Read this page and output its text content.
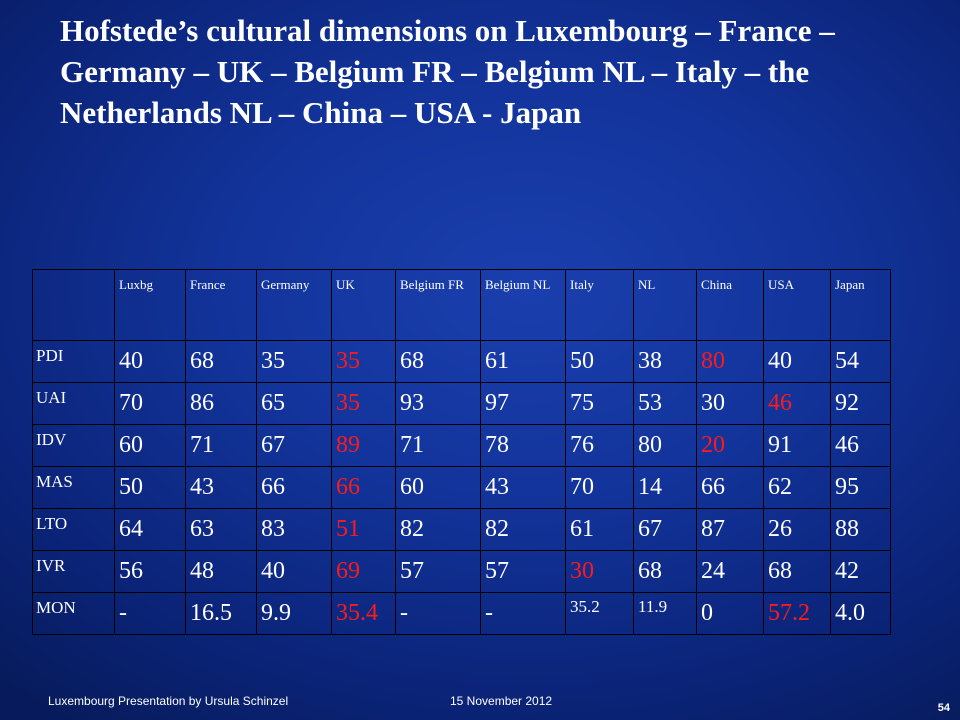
Hofstede’s cultural dimensions on Luxembourg – France – Germany – UK – Belgium FR – Belgium NL – Italy – the Netherlands NL – China – USA - Japan
	Luxbg	France	Germany	UK	Belgium FR	Belgium NL	Italy	NL	China	USA	Japan
PDI	40	68	35	35	68	61	50	38	80	40	54
UAI	70	86	65	35	93	97	75	53	30	46	92
IDV	60	71	67	89	71	78	76	80	20	91	46
MAS	50	43	66	66	60	43	70	14	66	62	95
LTO	64	63	83	51	82	82	61	67	87	26	88
IVR	56	48	40	69	57	57	30	68	24	68	42
MON	-	16.5	9.9	35.4	-	-	35.2	11.9	0	57.2	4.0
Luxembourg Presentation by Ursula Schinzel	15 November 2012	54
